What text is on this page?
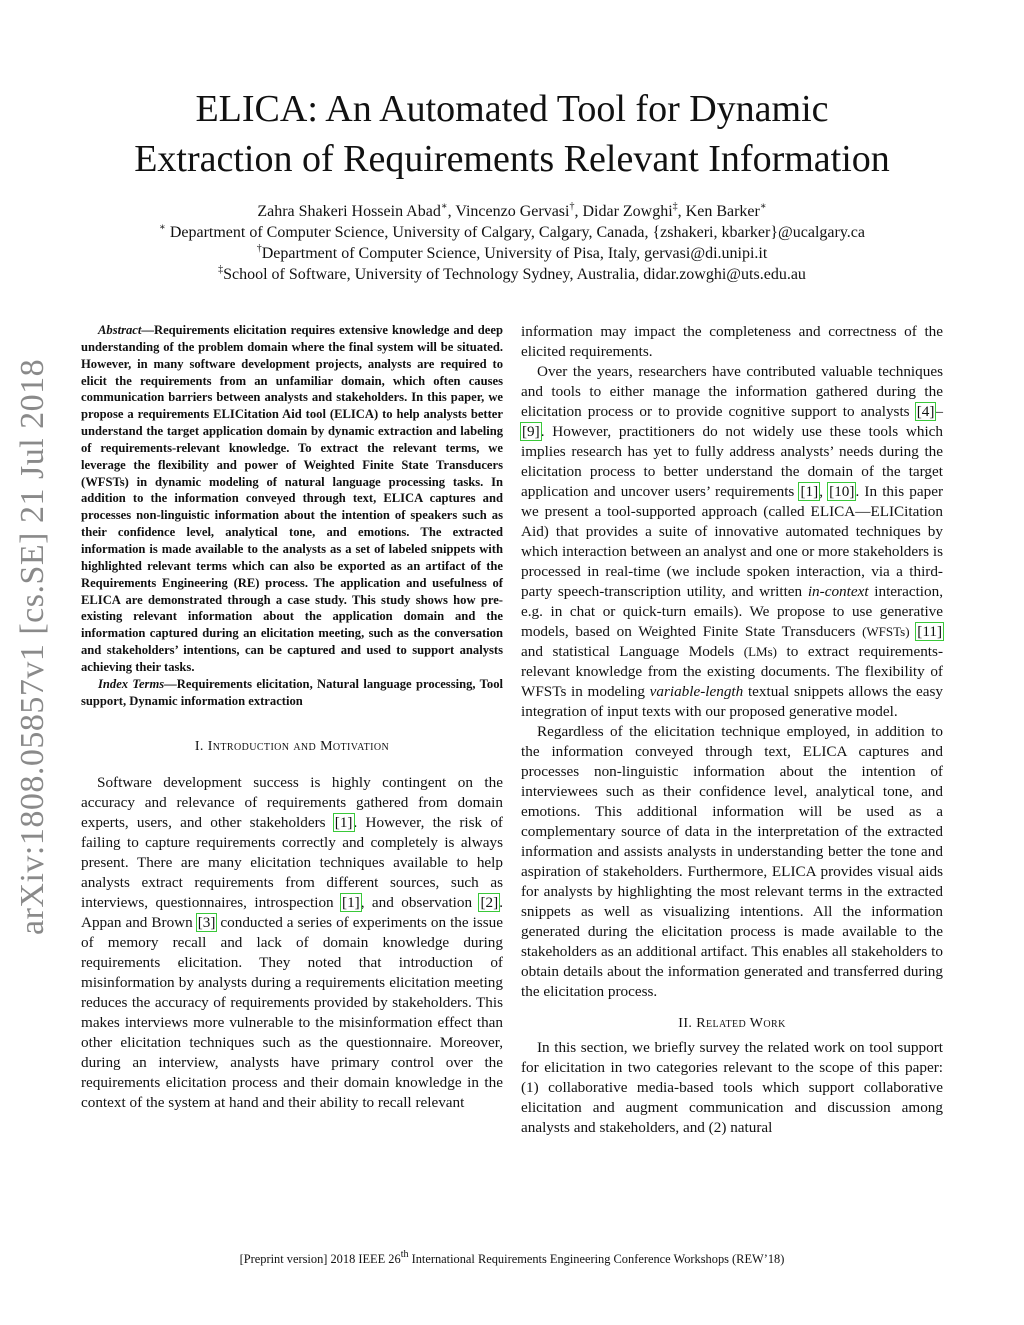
arXiv:1808.05857v1 [cs.SE] 21 Jul 2018
ELICA: An Automated Tool for Dynamic
Extraction of Requirements Relevant Information
Zahra Shakeri Hossein Abad∗, Vincenzo Gervasi†, Didar Zowghi‡, Ken Barker∗
∗ Department of Computer Science, University of Calgary, Calgary, Canada, {zshakeri, kbarker}@ucalgary.ca
†Department of Computer Science, University of Pisa, Italy, gervasi@di.unipi.it
‡School of Software, University of Technology Sydney, Australia, didar.zowghi@uts.edu.au

Abstract—Requirements elicitation requires extensive knowledge and deep understanding of the problem domain where the final system will be situated. However, in many software development projects, analysts are required to elicit the requirements from an unfamiliar domain, which often causes communication barriers between analysts and stakeholders. In this paper, we propose a requirements ELICitation Aid tool (ELICA) to help analysts better understand the target application domain by dynamic extraction and labeling of requirements-relevant knowledge. To extract the relevant terms, we leverage the flexibility and power of Weighted Finite State Transducers (WFSTs) in dynamic modeling of natural language processing tasks. In addition to the information conveyed through text, ELICA captures and processes non-linguistic information about the intention of speakers such as their confidence level, analytical tone, and emotions. The extracted information is made available to the analysts as a set of labeled snippets with highlighted relevant terms which can also be exported as an artifact of the Requirements Engineering (RE) process. The application and usefulness of ELICA are demonstrated through a case study. This study shows how pre-existing relevant information about the application domain and the information captured during an elicitation meeting, such as the conversation and stakeholders’ intentions, can be captured and used to support analysts achieving their tasks.

Index Terms—Requirements elicitation, Natural language processing, Tool support, Dynamic information extraction

I. Introduction and Motivation

Software development success is highly contingent on the accuracy and relevance of requirements gathered from domain experts, users, and other stakeholders [1]. However, the risk of failing to capture requirements correctly and completely is always present. There are many elicitation techniques available to help analysts extract requirements from different sources, such as interviews, questionnaires, introspection [1], and observation [2]. Appan and Brown [3] conducted a series of experiments on the issue of memory recall and lack of domain knowledge during requirements elicitation. They noted that introduction of misinformation by analysts during a requirements elicitation meeting reduces the accuracy of requirements provided by stakeholders. This makes interviews more vulnerable to the misinformation effect than other elicitation techniques such as the questionnaire. Moreover, during an interview, analysts have primary control over the requirements elicitation process and their domain knowledge in the context of the system at hand and their ability to recall relevant

information may impact the completeness and correctness of the elicited requirements.

Over the years, researchers have contributed valuable techniques and tools to either manage the information gathered during the elicitation process or to provide cognitive support to analysts [4]–[9]. However, practitioners do not widely use these tools which implies research has yet to fully address analysts’ needs during the elicitation process to better understand the domain of the target application and uncover users’ requirements [1], [10]. In this paper we present a tool-supported approach (called ELICA—ELICitation Aid) that provides a suite of innovative automated techniques by which interaction between an analyst and one or more stakeholders is processed in real-time (we include spoken interaction, via a third-party speech-transcription utility, and written in-context interaction, e.g. in chat or quick-turn emails). We propose to use generative models, based on Weighted Finite State Transducers (WFSTs) [11] and statistical Language Models (LMs) to extract requirements-relevant knowledge from the existing documents. The flexibility of WFSTs in modeling variable-length textual snippets allows the easy integration of input texts with our proposed generative model.

Regardless of the elicitation technique employed, in addition to the information conveyed through text, ELICA captures and processes non-linguistic information about the intention of interviewees such as their confidence level, analytical tone, and emotions. This additional information will be used as a complementary source of data in the interpretation of the extracted information and assists analysts in understanding better the tone and aspiration of stakeholders. Furthermore, ELICA provides visual aids for analysts by highlighting the most relevant terms in the extracted snippets as well as visualizing intentions. All the information generated during the elicitation process is made available to the stakeholders as an additional artifact. This enables all stakeholders to obtain details about the information generated and transferred during the elicitation process.

II. Related Work

In this section, we briefly survey the related work on tool support for elicitation in two categories relevant to the scope of this paper: (1) collaborative media-based tools which support collaborative elicitation and augment communication and discussion among analysts and stakeholders, and (2) natural

[Preprint version] 2018 IEEE 26th International Requirements Engineering Conference Workshops (REW’18)
